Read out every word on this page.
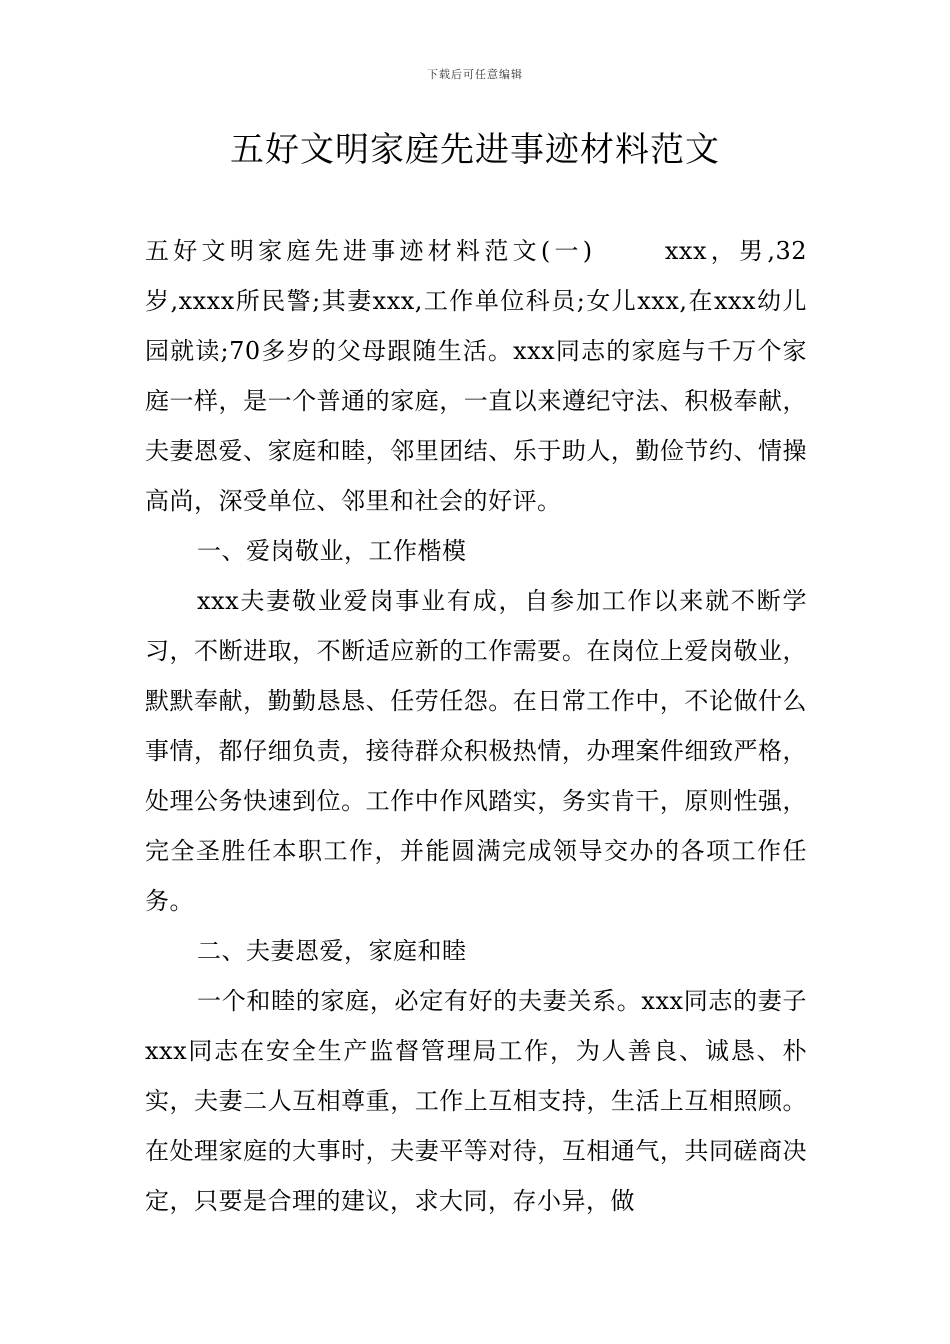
下载后可任意编辑
五好文明家庭先进事迹材料范文

五好文明家庭先进事迹材料范文(一)　　 xxx，男,32岁,xxxx所民警;其妻xxx,工作单位科员;女儿xxx,在xxx幼儿园就读;70多岁的父母跟随生活。xxx同志的家庭与千万个家庭一样，是一个普通的家庭，一直以来遵纪守法、积极奉献，夫妻恩爱、家庭和睦，邻里团结、乐于助人，勤俭节约、情操高尚，深受单位、邻里和社会的好评。

一、爱岗敬业，工作楷模

xxx夫妻敬业爱岗事业有成，自参加工作以来就不断学习，不断进取，不断适应新的工作需要。在岗位上爱岗敬业，默默奉献，勤勤恳恳、任劳任怨。在日常工作中，不论做什么事情，都仔细负责，接待群众积极热情，办理案件细致严格，处理公务快速到位。工作中作风踏实，务实肯干，原则性强，完全圣胜任本职工作，并能圆满完成领导交办的各项工作任务。

二、夫妻恩爱，家庭和睦

一个和睦的家庭，必定有好的夫妻关系。xxx同志的妻子xxx同志在安全生产监督管理局工作，为人善良、诚恳、朴实，夫妻二人互相尊重，工作上互相支持，生活上互相照顾。在处理家庭的大事时，夫妻平等对待，互相通气，共同磋商决定，只要是合理的建议，求大同，存小异，做
